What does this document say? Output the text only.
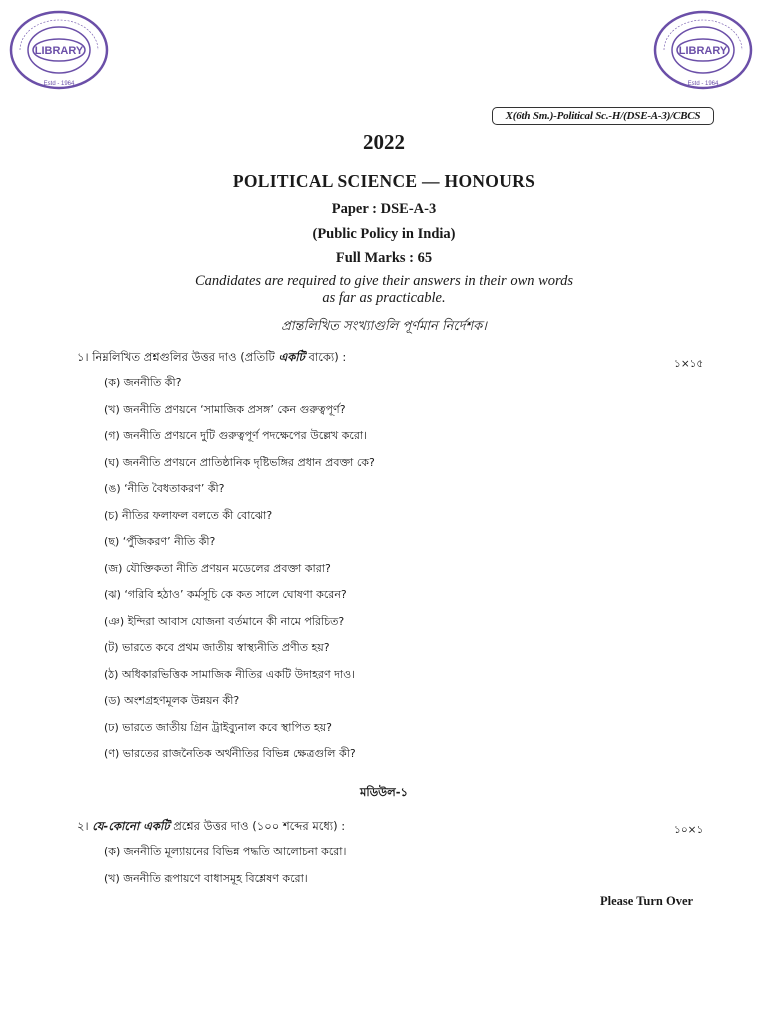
LIBRARY
Estd - 1964
LIBRARY
Estd - 1964
X(6th Sm.)-Political Sc.-H/(DSE-A-3)/CBCS
2022
POLITICAL SCIENCE — HONOURS
Paper : DSE-A-3
(Public Policy in India)
Full Marks : 65
Candidates are required to give their answers in their own words
as far as practicable.
প্রান্তলিখিত সংখ্যাগুলি পূর্ণমান নির্দেশক।
১। নিম্নলিখিত প্রশ্নগুলির উত্তর দাও (প্রতিটি একটি বাক্যে) :	১×১৫
(ক) জননীতি কী?
(খ) জননীতি প্রণয়নে ‘সামাজিক প্রসঙ্গ’ কেন গুরুত্বপূর্ণ?
(গ) জননীতি প্রণয়নে দুটি গুরুত্বপূর্ণ পদক্ষেপের উল্লেখ করো।
(ঘ) জননীতি প্রণয়নে প্রাতিষ্ঠানিক দৃষ্টিভঙ্গির প্রধান প্রবক্তা কে?
(ঙ) ‘নীতি বৈধতাকরণ’ কী?
(চ) নীতির ফলাফল বলতে কী বোঝো?
(ছ) ‘পুঁজিকরণ’ নীতি কী?
(জ) যৌক্তিকতা নীতি প্রণয়ন মডেলের প্রবক্তা কারা?
(ঝ) ‘গরিবি হঠাও’ কর্মসূচি কে কত সালে ঘোষণা করেন?
(ঞ) ইন্দিরা আবাস যোজনা বর্তমানে কী নামে পরিচিত?
(ট) ভারতে কবে প্রথম জাতীয় স্বাস্থ্যনীতি প্রণীত হয়?
(ঠ) অধিকারভিত্তিক সামাজিক নীতির একটি উদাহরণ দাও।
(ড) অংশগ্রহণমূলক উন্নয়ন কী?
(ঢ) ভারতে জাতীয় গ্রিন ট্রাইব্যুনাল কবে স্থাপিত হয়?
(ণ) ভারতের রাজনৈতিক অর্থনীতির বিভিন্ন ক্ষেত্রগুলি কী?
মডিউল-১
২। যে-কোনো একটি প্রশ্নের উত্তর দাও (১০০ শব্দের মধ্যে) :	১০×১
(ক) জননীতি মূল্যায়নের বিভিন্ন পদ্ধতি আলোচনা করো।
(খ) জননীতি রূপায়ণে বাধাসমূহ বিশ্লেষণ করো।
Please Turn Over
